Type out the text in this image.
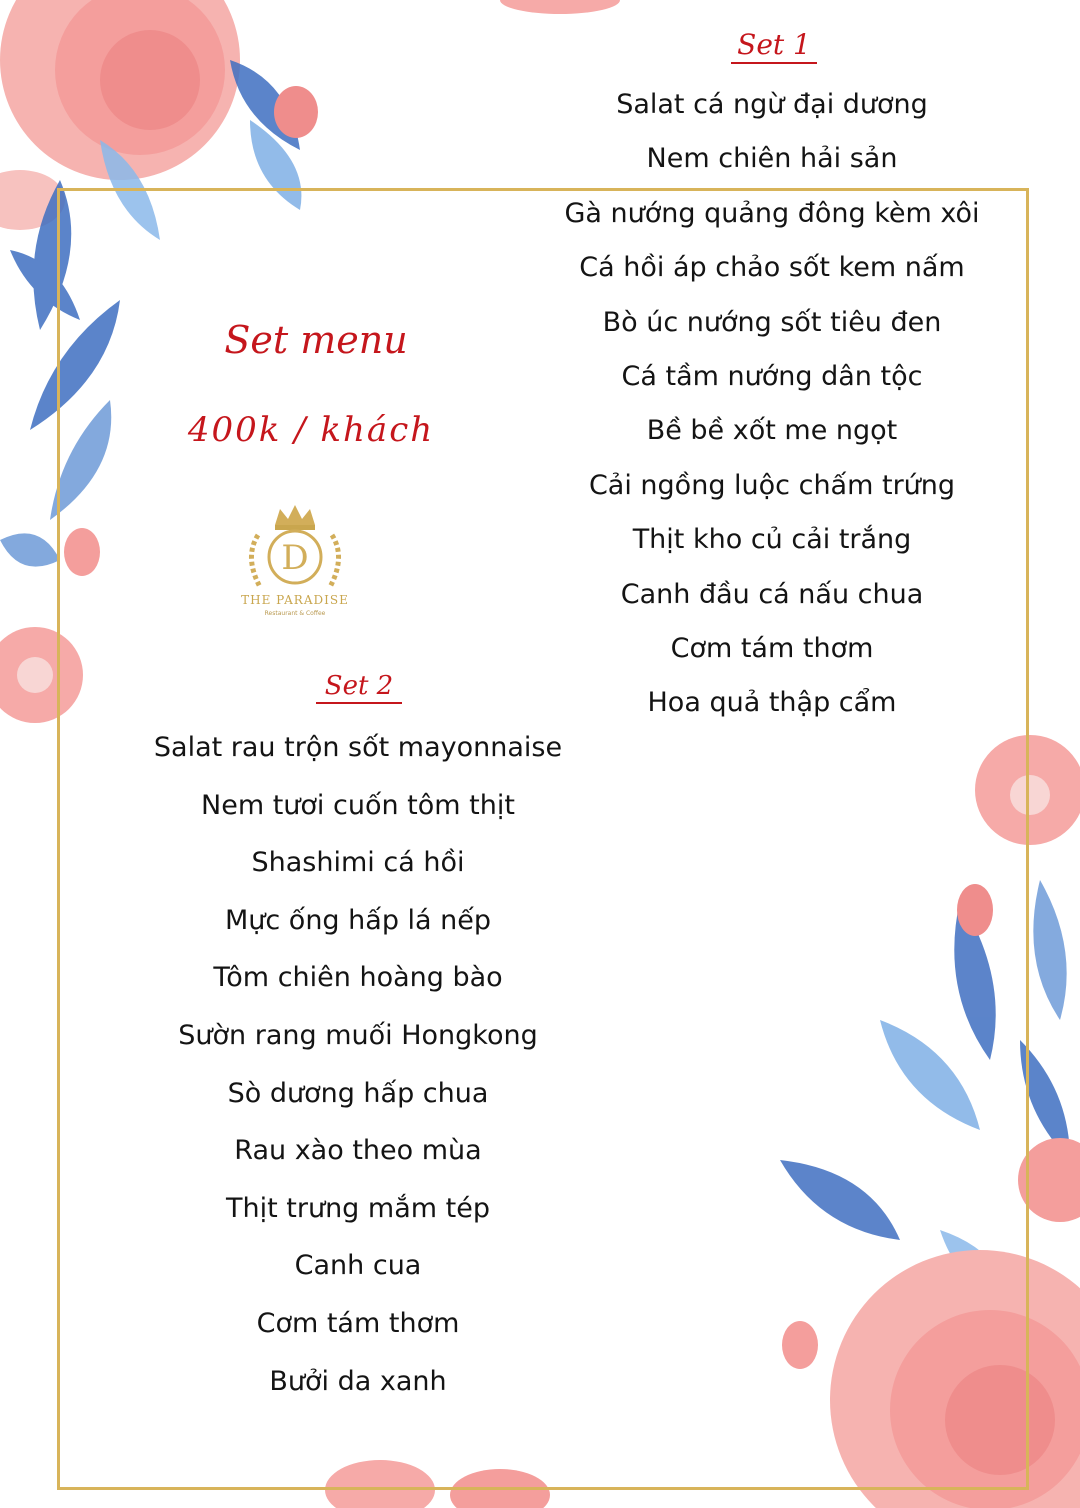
Set 1
Salat cá ngừ đại dương
Nem chiên hải sản
Gà nướng quảng đông kèm xôi
Cá hồi áp chảo sốt kem nấm
Bò úc nướng sốt tiêu đen
Cá tầm nướng dân tộc
Bề bề xốt me ngọt
Cải ngồng luộc chấm trứng
Thịt kho củ cải trắng
Canh đầu cá nấu chua
Cơm tám thơm
Hoa quả thập cẩm
Set menu
400k / khách
D
THE PARADISE
Restaurant & Coffee
Set 2
Salat rau trộn sốt mayonnaise
Nem tươi cuốn tôm thịt
Shashimi cá hồi
Mực ống hấp lá nếp
Tôm chiên hoàng bào
Sườn rang muối Hongkong
Sò dương hấp chua
Rau xào theo mùa
Thịt trưng mắm tép
Canh cua
Cơm tám thơm
Bưởi da xanh
